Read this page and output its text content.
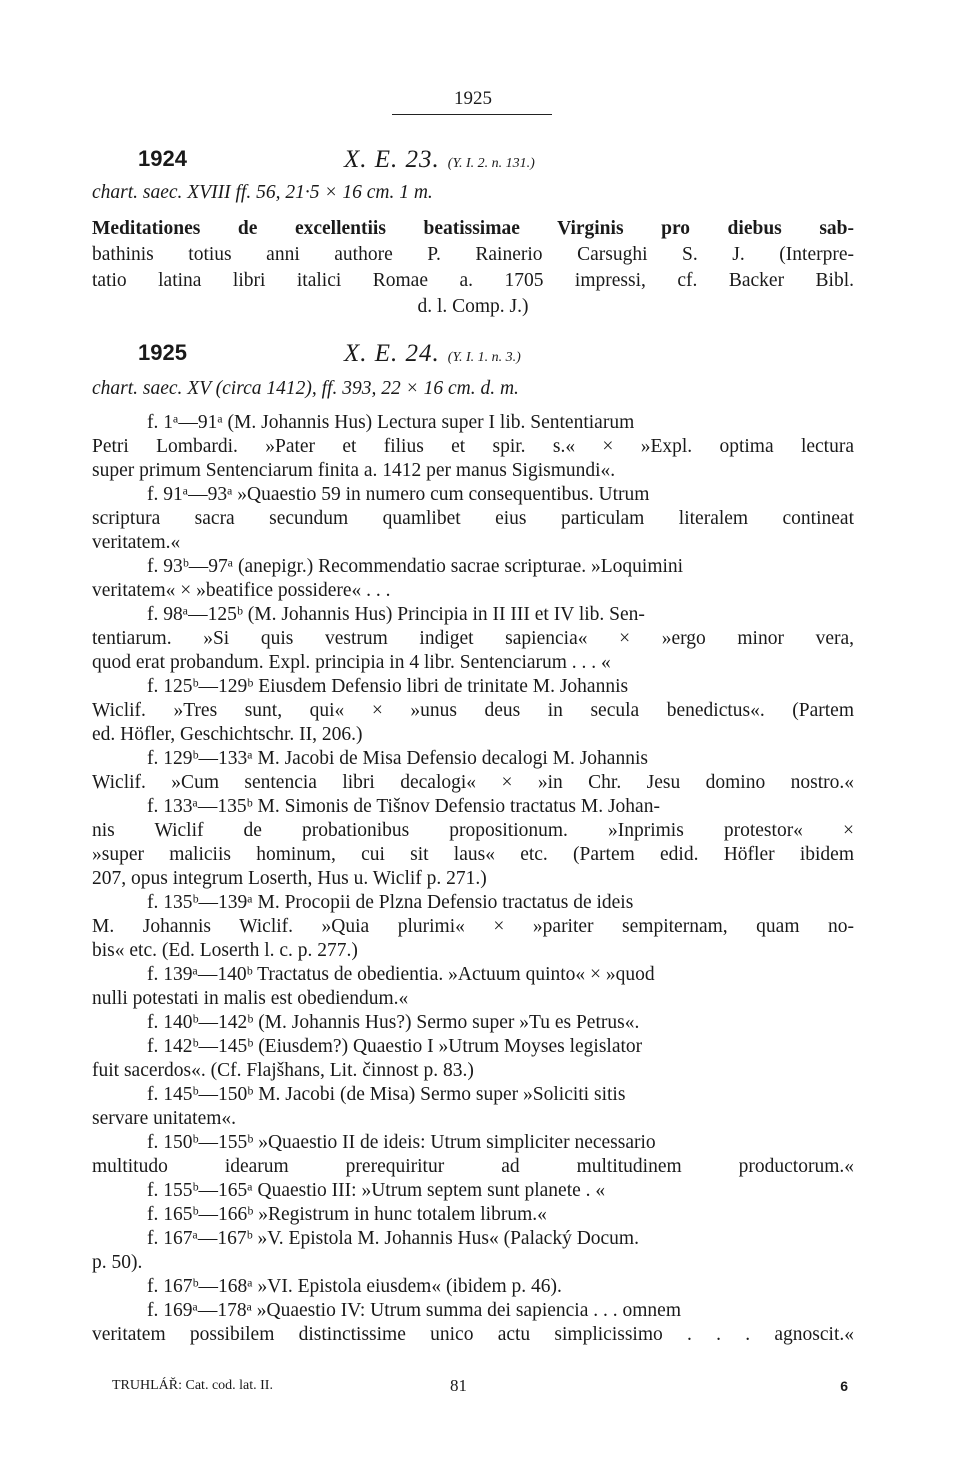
1925
1924	X. E. 23. (Y. I. 2. n. 131.)
chart. saec. XVIII ff. 56, 21·5 × 16 cm. 1 m.
Meditationes de excellentiis beatissimae Virginis pro diebus sab-
bathinis totius anni authore P. Rainerio Carsughi S. J. (Interpre-
tatio latina libri italici Romae a. 1705 impressi, cf. Backer Bibl.
d. l. Comp. J.)
1925	X. E. 24. (Y. I. 1. n. 3.)
chart. saec. XV (circa 1412), ff. 393, 22 × 16 cm. d. m.
f. 1ᵃ—91ᵃ (M. Johannis Hus) Lectura super I lib. Sententiarum
Petri Lombardi. »Pater et filius et spir. s.« × »Expl. optima lectura
super primum Sentenciarum finita a. 1412 per manus Sigismundi«.
f. 91ᵃ—93ᵃ »Quaestio 59 in numero cum consequentibus. Utrum
scriptura sacra secundum quamlibet eius particulam literalem contineat
veritatem.«
f. 93ᵇ—97ᵃ (anepigr.) Recommendatio sacrae scripturae. »Loquimini
veritatem« × »beatifice possidere« . . .
f. 98ᵃ—125ᵇ (M. Johannis Hus) Principia in II III et IV lib. Sen-
tentiarum. »Si quis vestrum indiget sapiencia« × »ergo minor vera,
quod erat probandum. Expl. principia in 4 libr. Sentenciarum . . . «
f. 125ᵇ—129ᵇ Eiusdem Defensio libri de trinitate M. Johannis
Wiclif. »Tres sunt, qui« × »unus deus in secula benedictus«. (Partem
ed. Höfler, Geschichtschr. II, 206.)
f. 129ᵇ—133ᵃ M. Jacobi de Misa Defensio decalogi M. Johannis
Wiclif. »Cum sentencia libri decalogi« × »in Chr. Jesu domino nostro.«
f. 133ᵃ—135ᵇ M. Simonis de Tišnov Defensio tractatus M. Johan-
nis Wiclif de probationibus propositionum. »Inprimis protestor« ×
»super maliciis hominum, cui sit laus« etc. (Partem edid. Höfler ibidem
207, opus integrum Loserth, Hus u. Wiclif p. 271.)
f. 135ᵇ—139ᵃ M. Procopii de Plzna Defensio tractatus de ideis
M. Johannis Wiclif. »Quia plurimi« × »pariter sempiternam, quam no-
bis« etc. (Ed. Loserth l. c. p. 277.)
f. 139ᵃ—140ᵇ Tractatus de obedientia. »Actuum quinto« × »quod
nulli potestati in malis est obediendum.«
f. 140ᵇ—142ᵇ (M. Johannis Hus?) Sermo super »Tu es Petrus«.
f. 142ᵇ—145ᵇ (Eiusdem?) Quaestio I »Utrum Moyses legislator
fuit sacerdos«. (Cf. Flajšhans, Lit. činnost p. 83.)
f. 145ᵇ—150ᵇ M. Jacobi (de Misa) Sermo super »Soliciti sitis
servare unitatem«.
f. 150ᵇ—155ᵇ »Quaestio II de ideis: Utrum simpliciter necessario
multitudo idearum prerequiritur ad multitudinem productorum.«
f. 155ᵇ—165ᵃ Quaestio III: »Utrum septem sunt planete . «
f. 165ᵇ—166ᵇ »Registrum in hunc totalem librum.«
f. 167ᵃ—167ᵇ »V. Epistola M. Johannis Hus« (Palacký Docum.
p. 50).
f. 167ᵇ—168ᵃ »VI. Epistola eiusdem« (ibidem p. 46).
f. 169ᵃ—178ᵃ »Quaestio IV: Utrum summa dei sapiencia . . . omnem
veritatem possibilem distinctissime unico actu simplicissimo . . . agnoscit.«
TRUHLÁŘ: Cat. cod. lat. II.	81	6
